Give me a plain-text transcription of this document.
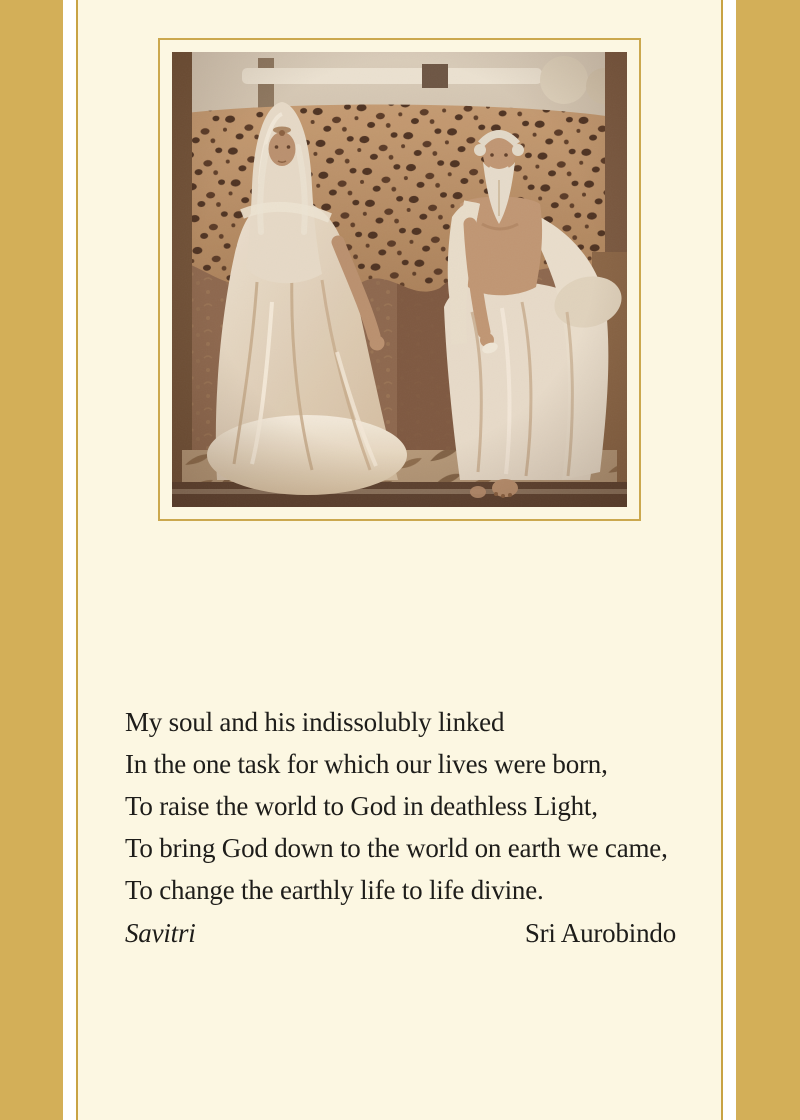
My soul and his indissolubly linked
In the one task for which our lives were born,
To raise the world to God in deathless Light,
To bring God down to the world on earth we came,
To change the earthly life to life divine.
Savitri	Sri Aurobindo
